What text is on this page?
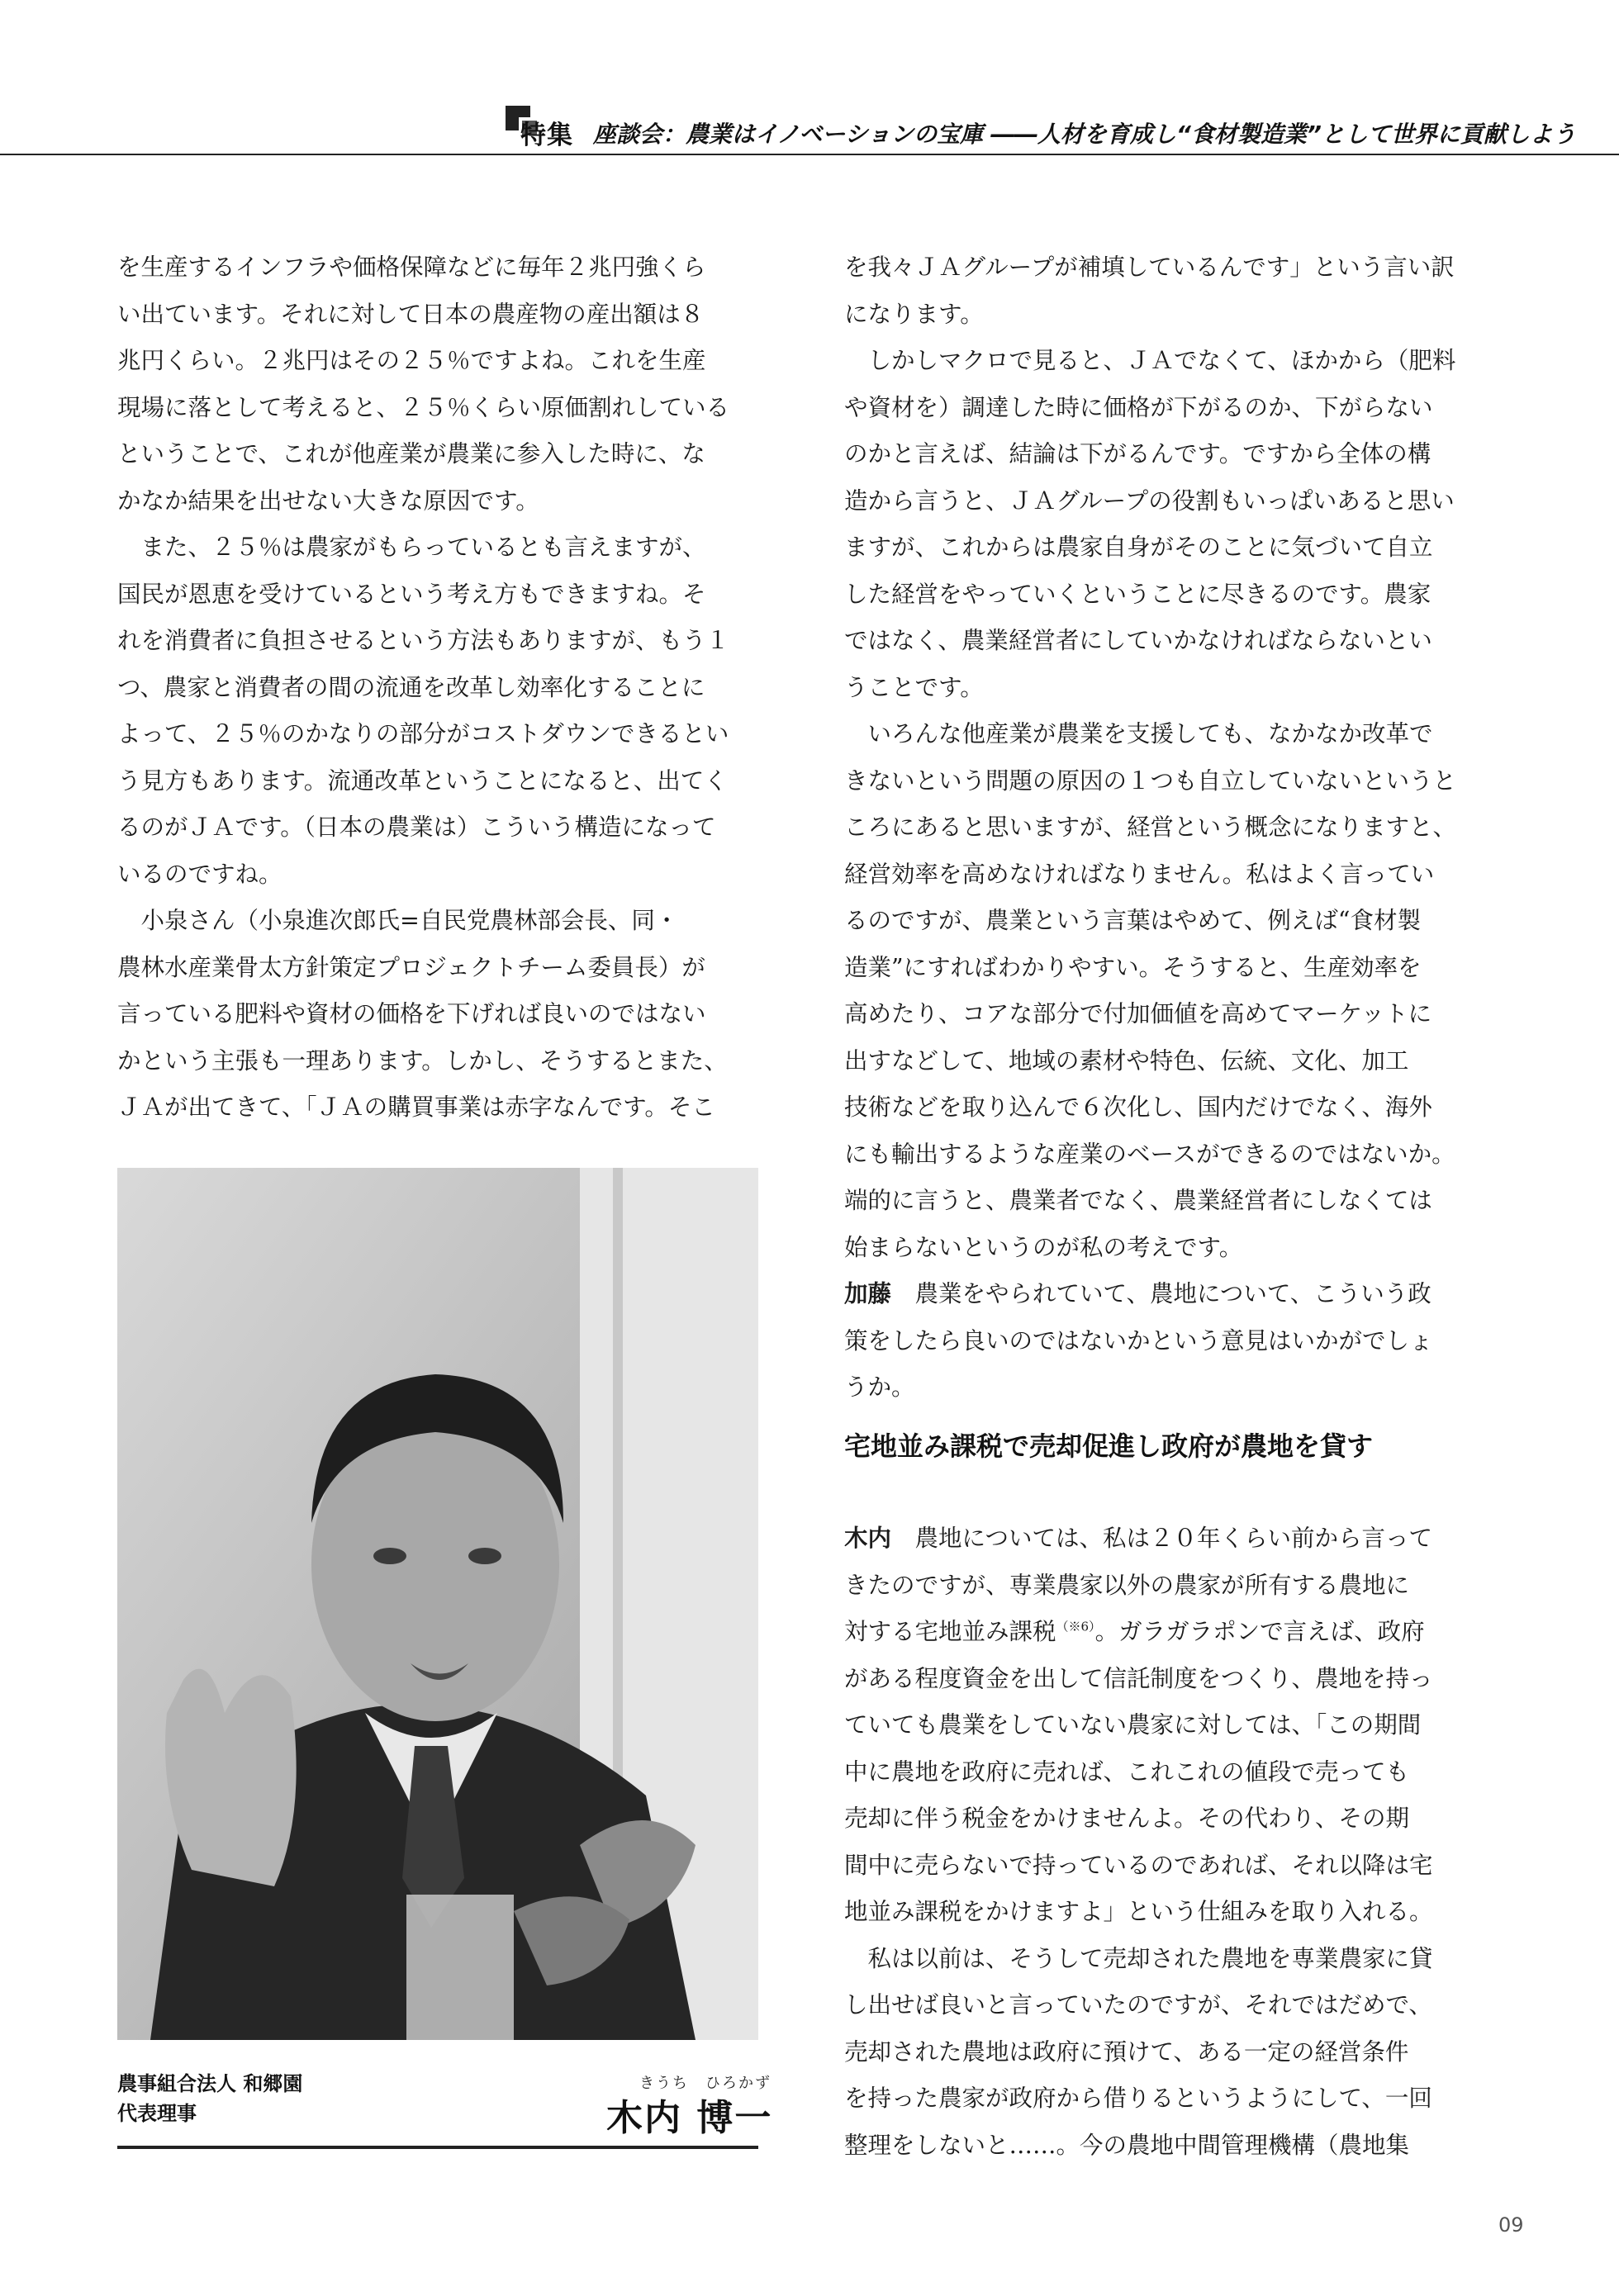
特集 座談会：農業はイノベーションの宝庫 ――人材を育成し“食材製造業”として世界に貢献しよう

を生産するインフラや価格保障などに毎年２兆円強くら

い出ています。それに対して日本の農産物の産出額は８

兆円くらい。２兆円はその２５％ですよね。これを生産

現場に落として考えると、２５％くらい原価割れしている

ということで、これが他産業が農業に参入した時に、な

かなか結果を出せない大きな原因です。

　また、２５％は農家がもらっているとも言えますが、

国民が恩恵を受けているという考え方もできますね。そ

れを消費者に負担させるという方法もありますが、もう１

つ、農家と消費者の間の流通を改革し効率化することに

よって、２５％のかなりの部分がコストダウンできるとい

う見方もあります。流通改革ということになると、出てく

るのがＪＡです。（日本の農業は）こういう構造になって

いるのですね。

　小泉さん（小泉進次郎氏=自民党農林部会長、同・

農林水産業骨太方針策定プロジェクトチーム委員長）が

言っている肥料や資材の価格を下げれば良いのではない

かという主張も一理あります。しかし、そうするとまた、

ＪＡが出てきて、「ＪＡの購買事業は赤字なんです。そこ

農事組合法人 和郷園
代表理事
きうち　ひろかず
木内 博一

を我々ＪＡグループが補填しているんです」という言い訳

になります。

　しかしマクロで見ると、ＪＡでなくて、ほかから（肥料

や資材を）調達した時に価格が下がるのか、下がらない

のかと言えば、結論は下がるんです。ですから全体の構

造から言うと、ＪＡグループの役割もいっぱいあると思い

ますが、これからは農家自身がそのことに気づいて自立

した経営をやっていくということに尽きるのです。農家

ではなく、農業経営者にしていかなければならないとい

うことです。

　いろんな他産業が農業を支援しても、なかなか改革で

きないという問題の原因の１つも自立していないというと

ころにあると思いますが、経営という概念になりますと、

経営効率を高めなければなりません。私はよく言ってい

るのですが、農業という言葉はやめて、例えば“食材製

造業”にすればわかりやすい。そうすると、生産効率を

高めたり、コアな部分で付加価値を高めてマーケットに

出すなどして、地域の素材や特色、伝統、文化、加工

技術などを取り込んで６次化し、国内だけでなく、海外

にも輸出するような産業のベースができるのではないか。

端的に言うと、農業者でなく、農業経営者にしなくては

始まらないというのが私の考えです。

加藤　農業をやられていて、農地について、こういう政

策をしたら良いのではないかという意見はいかがでしょ

うか。

宅地並み課税で売却促進し政府が農地を貸す

木内　農地については、私は２０年くらい前から言って

きたのですが、専業農家以外の農家が所有する農地に

対する宅地並み課税$^{(※6)}$。ガラガラポンで言えば、政府

がある程度資金を出して信託制度をつくり、農地を持っ

ていても農業をしていない農家に対しては、「この期間

中に農地を政府に売れば、これこれの値段で売っても

売却に伴う税金をかけませんよ。その代わり、その期

間中に売らないで持っているのであれば、それ以降は宅

地並み課税をかけますよ」という仕組みを取り入れる。

　私は以前は、そうして売却された農地を専業農家に貸

し出せば良いと言っていたのですが、それではだめで、

売却された農地は政府に預けて、ある一定の経営条件

を持った農家が政府から借りるというようにして、一回

整理をしないと……。今の農地中間管理機構（農地集

09
